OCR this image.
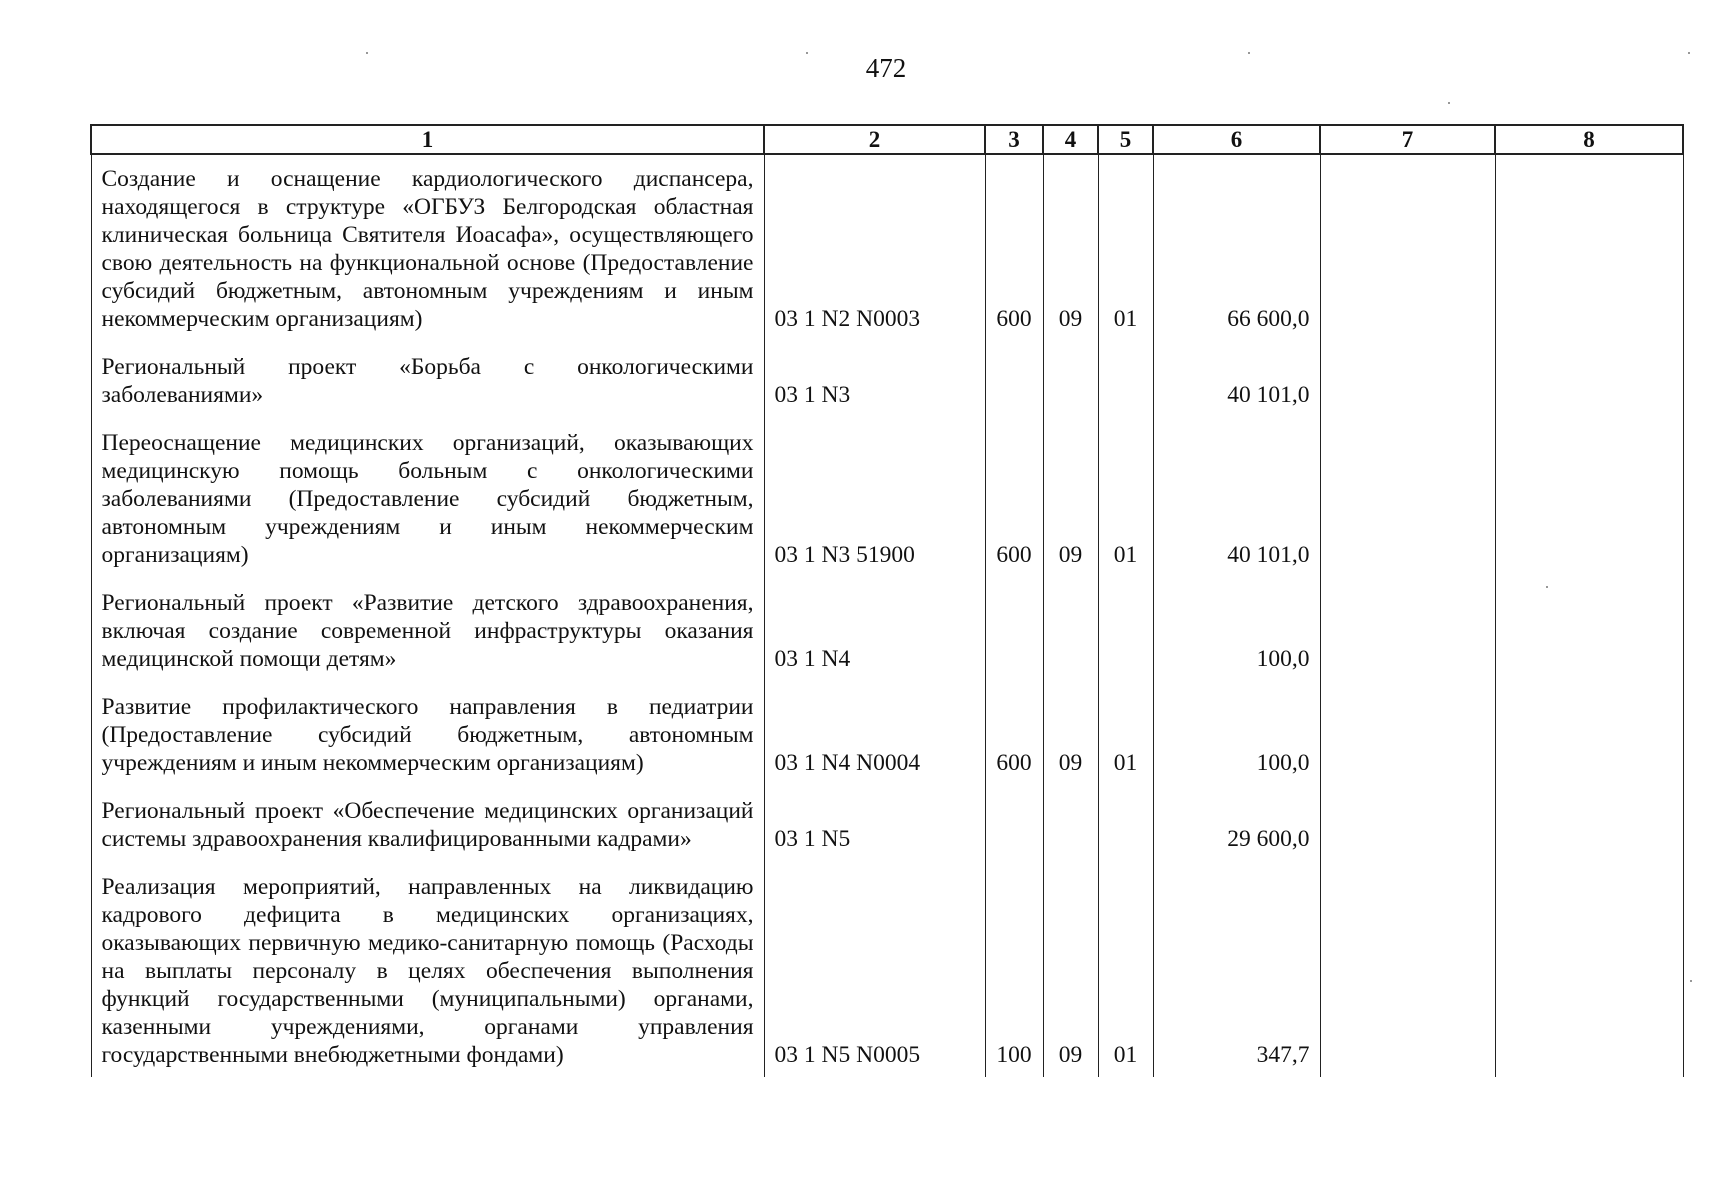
472
1	2	3	4	5	6	7	8
Создание и оснащение кардиологического диспансера, находящегося в структуре «ОГБУЗ Белгородская областная клиническая больница Святителя Иоасафа», осуществляющего свою деятельность на функциональной основе (Предоставление субсидий бюджетным, автономным учреждениям и иным некоммерческим организациям)	03 1 N2 N0003	600	09	01	66 600,0		
Региональный проект «Борьба с онкологическими заболеваниями»	03 1 N3				40 101,0		
Переоснащение медицинских организаций, оказывающих медицинскую помощь больным с онкологическими заболеваниями (Предоставление субсидий бюджетным, автономным учреждениям и иным некоммерческим организациям)	03 1 N3 51900	600	09	01	40 101,0		
Региональный проект «Развитие детского здравоохранения, включая создание современной инфраструктуры оказания медицинской помощи детям»	03 1 N4				100,0		
Развитие профилактического направления в педиатрии (Предоставление субсидий бюджетным, автономным учреждениям и иным некоммерческим организациям)	03 1 N4 N0004	600	09	01	100,0		
Региональный проект «Обеспечение медицинских организаций системы здравоохранения квалифицированными кадрами»	03 1 N5				29 600,0		
Реализация мероприятий, направленных на ликвидацию кадрового дефицита в медицинских организациях, оказывающих первичную медико-санитарную помощь (Расходы на выплаты персоналу в целях обеспечения выполнения функций государственными (муниципальными) органами, казенными учреждениями, органами управления государственными внебюджетными фондами)	03 1 N5 N0005	100	09	01	347,7		
